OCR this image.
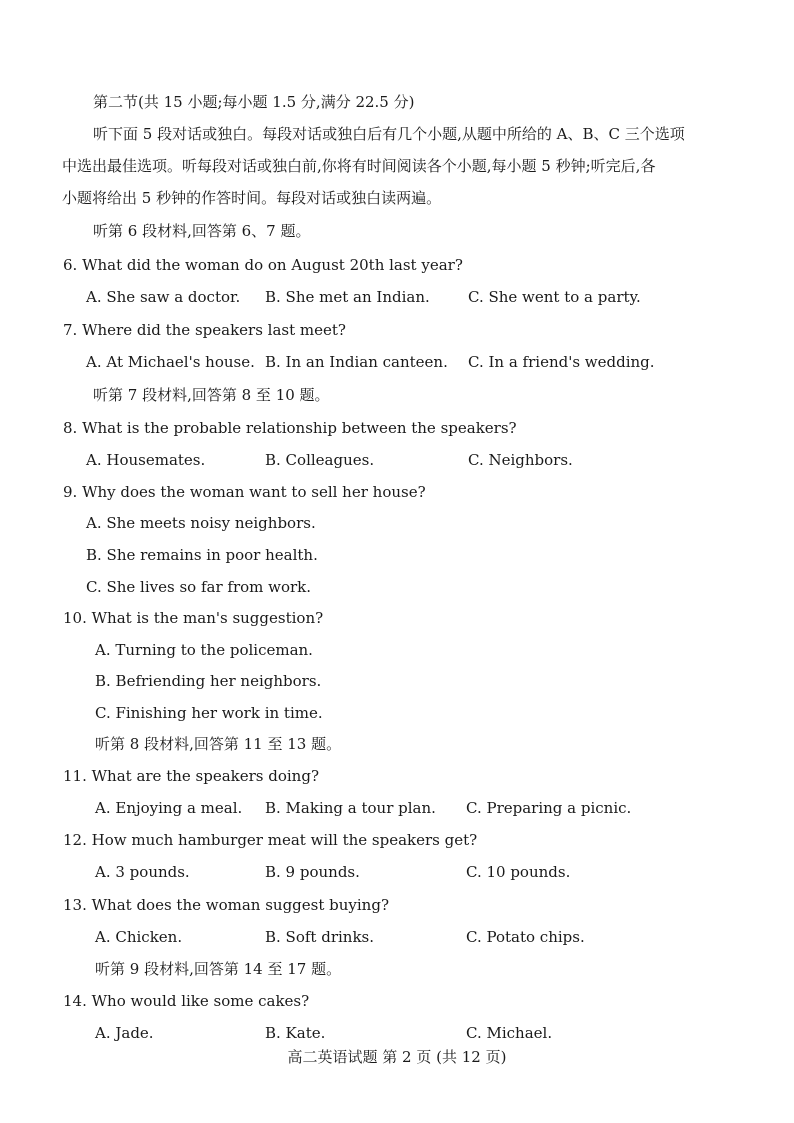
第二节(共 15 小题;每小题 1.5 分,满分 22.5 分)
听下面 5 段对话或独白。每段对话或独白后有几个小题,从题中所给的 A、B、C 三个选项
中选出最佳选项。听每段对话或独白前,你将有时间阅读各个小题,每小题 5 秒钟;听完后,各
小题将给出 5 秒钟的作答时间。每段对话或独白读两遍。
听第 6 段材料,回答第 6、7 题。
6. What did the woman do on August 20th last year?
A. She saw a doctor. B. She met an Indian.	C. She went to a party.
7. Where did the speakers last meet?
A. At Michael's house. B. In an Indian canteen. C. In a friend's wedding.
听第 7 段材料,回答第 8 至 10 题。
8. What is the probable relationship between the speakers?
A. Housemates.	B. Colleagues.	C. Neighbors.
9. Why does the woman want to sell her house?
A. She meets noisy neighbors.
B. She remains in poor health.
C. She lives so far from work.
10. What is the man's suggestion?
A. Turning to the policeman.
B. Befriending her neighbors.
C. Finishing her work in time.
听第 8 段材料,回答第 11 至 13 题。
11. What are the speakers doing?
A. Enjoying a meal. B. Making a tour plan. C. Preparing a picnic.
12. How much hamburger meat will the speakers get?
A. 3 pounds.	B. 9 pounds.	C. 10 pounds.
13. What does the woman suggest buying?
A. Chicken.	B. Soft drinks.	C. Potato chips.
听第 9 段材料,回答第 14 至 17 题。
14. Who would like some cakes?
A. Jade.	B. Kate.	C. Michael.
高二英语试题 第 2 页 (共 12 页)
